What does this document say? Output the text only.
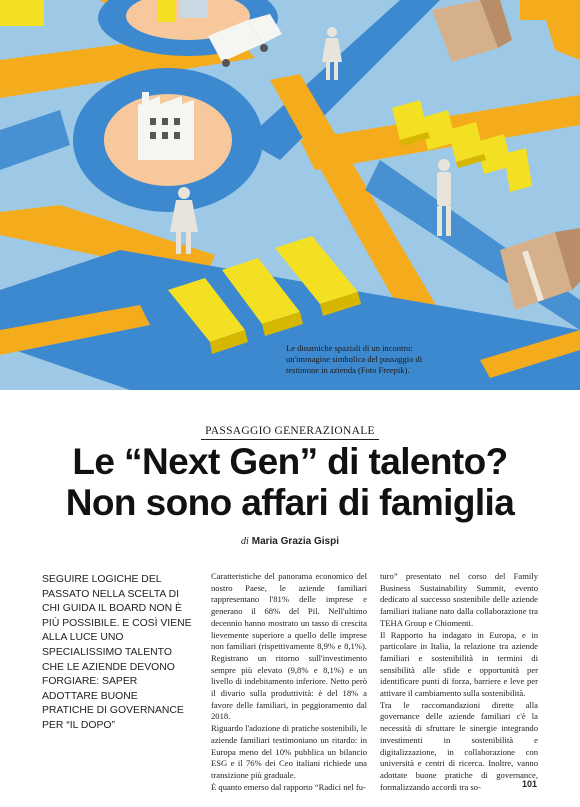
Le dinamiche spaziali di un incontro: un'immagine simbolica del passaggio di testimone in azienda (Foto Freepik).
PASSAGGIO GENERAZIONALE
Le “Next Gen” di talento?
Non sono affari di famiglia
di Maria Grazia Gispi
SEGUIRE LOGICHE DEL PASSATO NELLA SCELTA DI CHI GUIDA IL BOARD NON È PIÙ POSSIBILE. E COSÌ VIENE ALLA LUCE UNO SPECIALISSIMO TALENTO CHE LE AZIENDE DEVONO FORGIARE: SAPER ADOTTARE BUONE PRATICHE DI GOVERNANCE PER “IL DOPO”

Caratteristiche del panorama economico del nostro Paese, le aziende familiari rappresentano l'81% delle imprese e generano il 68% del Pil. Nell'ultimo decennio hanno mostrato un tasso di crescita lievemente superiore a quello delle imprese non familiari (rispettivamente 8,9% e 8,1%). Registrano un ritorno sull'investimento sempre più elevato (9,8% e 8,1%) e un livello di indebitamento inferiore. Netto però il divario sulla produttività: è del 18% a favore delle familiari, in peggioramento dal 2018.

Riguardo l'adozione di pratiche sostenibili, le aziende familiari testimoniano un ritardo: in Europa meno del 10% pubblica un bilancio ESG e il 76% dei Ceo italiani richiede una transizione più graduale.

È quanto emerso dal rapporto “Radici nel fu-

turo” presentato nel corso del Family Business Sustainability Summit, evento dedicato al successo sostenibile delle aziende familiari italiane nato dalla collaborazione tra TEHA Group e Chiomenti.

Il Rapporto ha indagato in Europa, e in particolare in Italia, la relazione tra aziende familiari e sostenibilità in termini di sensibilità alle sfide e opportunità per identificare punti di forza, barriere e leve per attivare il cambiamento sulla sostenibilità.

Tra le raccomandazioni dirette alla governance delle aziende familiari c'è la necessità di sfruttare le sinergie integrando investimenti in sostenibilità e digitalizzazione, in collaborazione con università e centri di ricerca. Inoltre, vanno adottate buone pratiche di governance, formalizzando accordi tra so-	101
